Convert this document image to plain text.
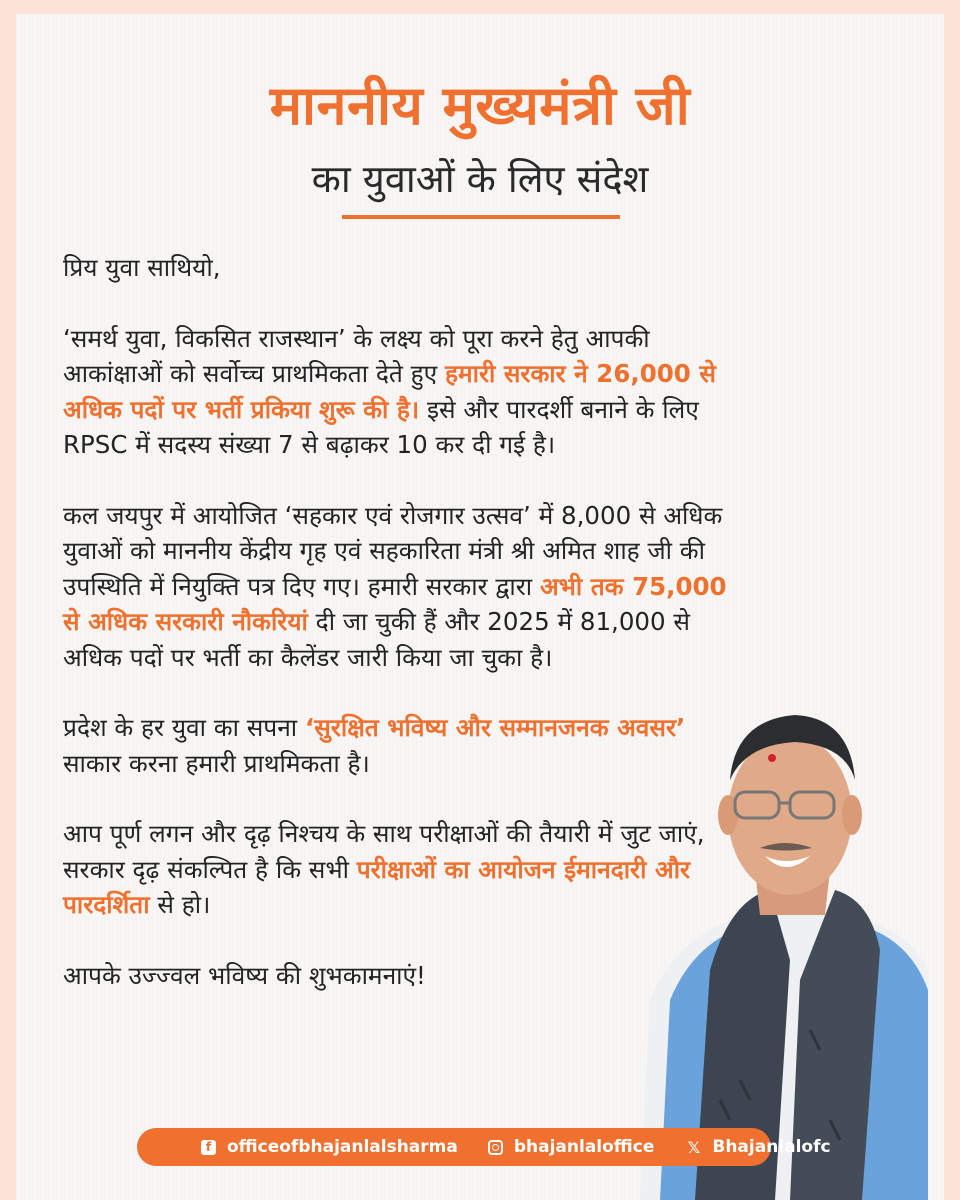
माननीय मुख्यमंत्री जी
का युवाओं के लिए संदेश

प्रिय युवा साथियो,

‘समर्थ युवा, विकसित राजस्थान’ के लक्ष्य को पूरा करने हेतु आपकी आकांक्षाओं को सर्वोच्च प्राथमिकता देते हुए हमारी सरकार ने 26,000 से अधिक पदों पर भर्ती प्रकिया शुरू की है। इसे और पारदर्शी बनाने के लिए RPSC में सदस्य संख्या 7 से बढ़ाकर 10 कर दी गई है।

कल जयपुर में आयोजित ‘सहकार एवं रोजगार उत्सव’ में 8,000 से अधिक युवाओं को माननीय केंद्रीय गृह एवं सहकारिता मंत्री श्री अमित शाह जी की उपस्थिति में नियुक्ति पत्र दिए गए। हमारी सरकार द्वारा अभी तक 75,000 से अधिक सरकारी नौकरियां दी जा चुकी हैं और 2025 में 81,000 से अधिक पदों पर भर्ती का कैलेंडर जारी किया जा चुका है।

प्रदेश के हर युवा का सपना ‘सुरक्षित भविष्य और सम्मानजनक अवसर’ साकार करना हमारी प्राथमिकता है।

आप पूर्ण लगन और दृढ़ निश्चय के साथ परीक्षाओं की तैयारी में जुट जाएं, सरकार दृढ़ संकल्पित है कि सभी परीक्षाओं का आयोजन ईमानदारी और पारदर्शिता से हो।

आपके उज्ज्वल भविष्य की शुभकामनाएं!

f officeofbhajanlalsharma	bhajanlaloffice 𝕏 Bhajanlalofc
